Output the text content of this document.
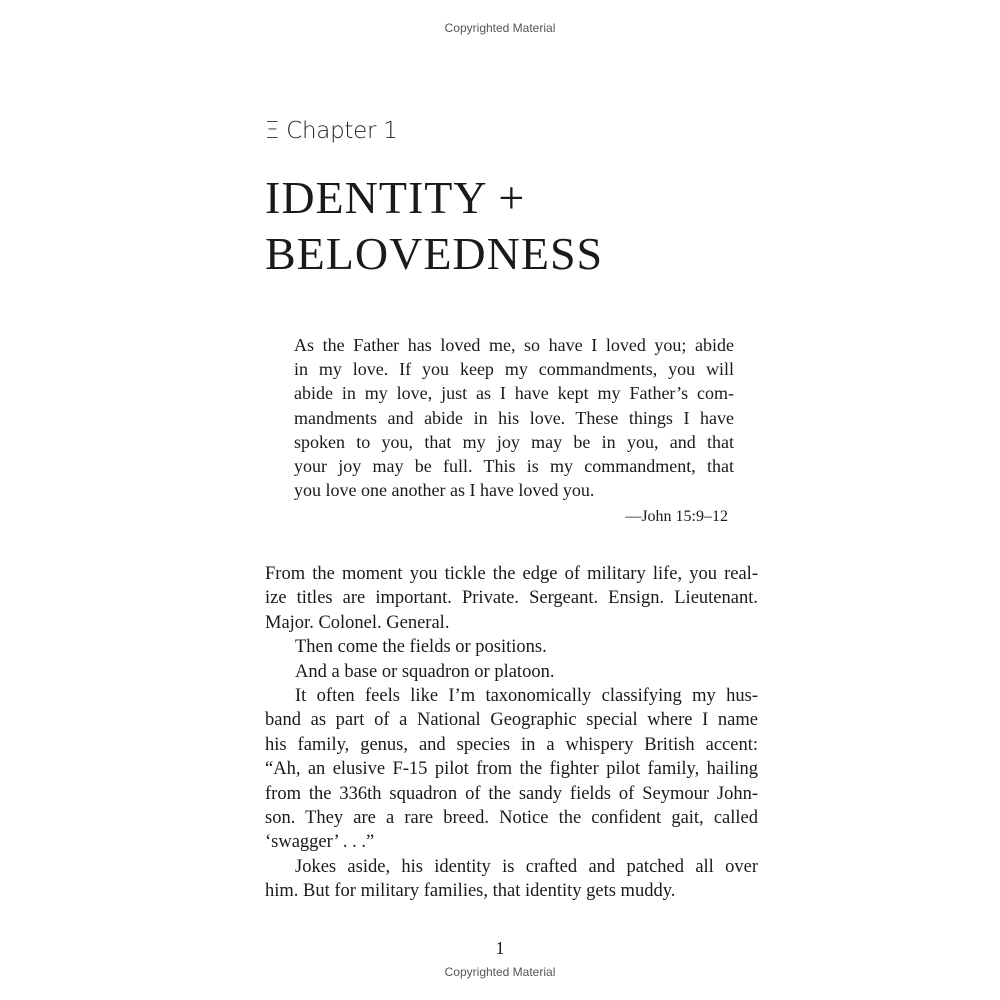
Copyrighted Material
Ξ Chapter 1
IDENTITY +
BELOVEDNESS
As the Father has loved me, so have I loved you; abide
in my love. If you keep my commandments, you will
abide in my love, just as I have kept my Father’s com-
mandments and abide in his love. These things I have
spoken to you, that my joy may be in you, and that
your joy may be full. This is my commandment, that
you love one another as I have loved you.
—John 15:9–12
From the moment you tickle the edge of military life, you real-
ize titles are important. Private. Sergeant. Ensign. Lieutenant.
Major. Colonel. General.
Then come the fields or positions.
And a base or squadron or platoon.
It often feels like I’m taxonomically classifying my hus-
band as part of a National Geographic special where I name
his family, genus, and species in a whispery British accent:
“Ah, an elusive F-15 pilot from the fighter pilot family, hailing
from the 336th squadron of the sandy fields of Seymour John-
son. They are a rare breed. Notice the confident gait, called
‘swagger’ . . .”
Jokes aside, his identity is crafted and patched all over
him. But for military families, that identity gets muddy.
1
Copyrighted Material
